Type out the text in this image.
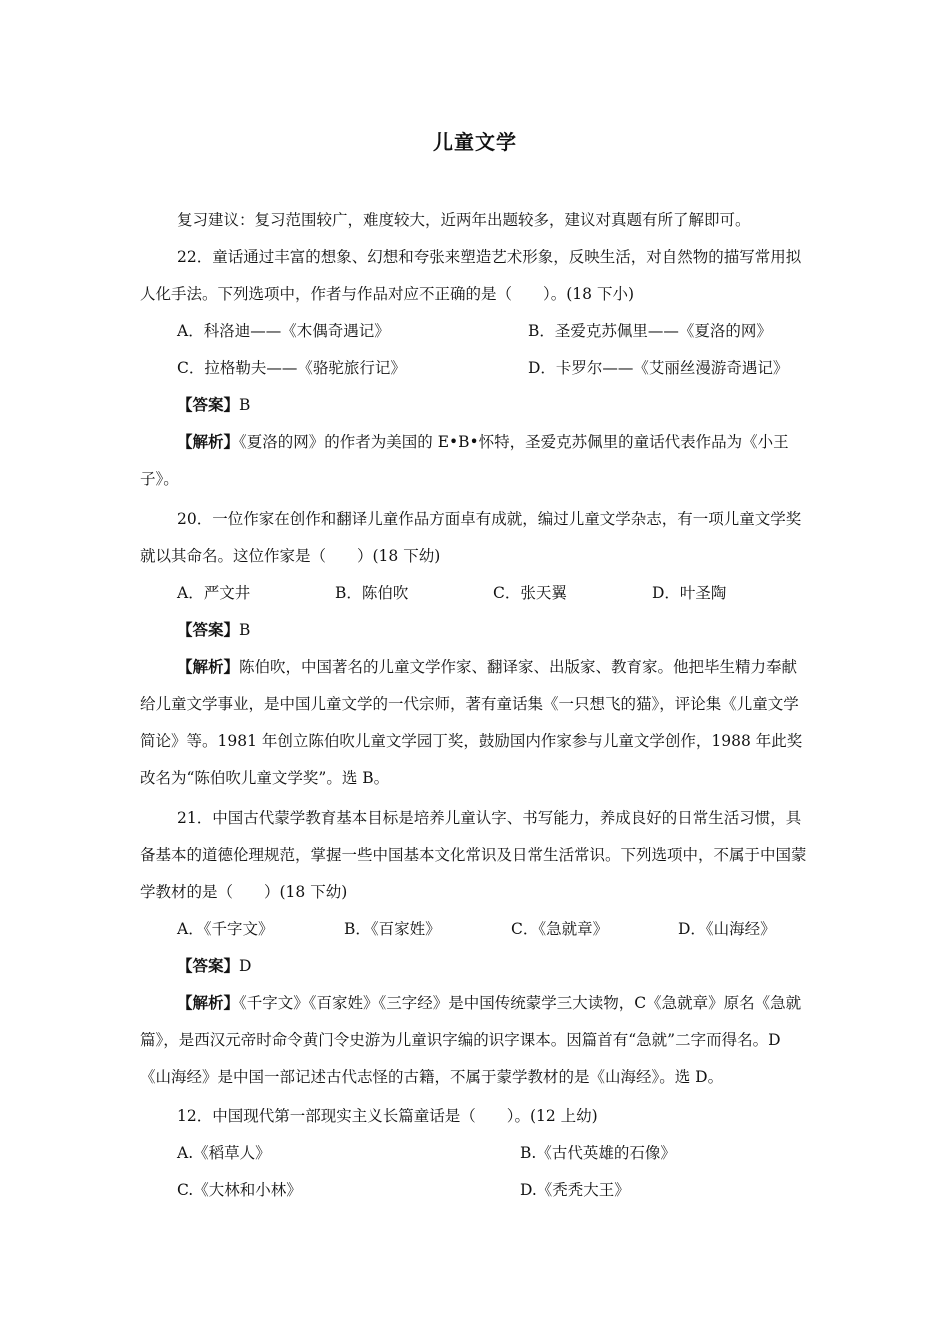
儿童文学

复习建议：复习范围较广，难度较大，近两年出题较多，建议对真题有所了解即可。

22．童话通过丰富的想象、幻想和夸张来塑造艺术形象，反映生活，对自然物的描写常用拟人化手法。下列选项中，作者与作品对应不正确的是（　　）。(18 下小)

A．科洛迪——《木偶奇遇记》	B．圣爱克苏佩里——《夏洛的网》
C．拉格勒夫——《骆驼旅行记》	D．卡罗尔——《艾丽丝漫游奇遇记》

【答案】B

【解析】《夏洛的网》的作者为美国的 E•B•怀特，圣爱克苏佩里的童话代表作品为《小王子》。

20．一位作家在创作和翻译儿童作品方面卓有成就，编过儿童文学杂志，有一项儿童文学奖就以其命名。这位作家是（　　）(18 下幼)

A．严文井	B．陈伯吹	C．张天翼	D．叶圣陶

【答案】B

【解析】陈伯吹，中国著名的儿童文学作家、翻译家、出版家、教育家。他把毕生精力奉献给儿童文学事业，是中国儿童文学的一代宗师，著有童话集《一只想飞的猫》，评论集《儿童文学简论》等。1981 年创立陈伯吹儿童文学园丁奖，鼓励国内作家参与儿童文学创作，1988 年此奖改名为“陈伯吹儿童文学奖”。选 B。

21．中国古代蒙学教育基本目标是培养儿童认字、书写能力，养成良好的日常生活习惯，具备基本的道德伦理规范，掌握一些中国基本文化常识及日常生活常识。下列选项中，不属于中国蒙学教材的是（　　）(18 下幼)

A．《千字文》	B．《百家姓》	C．《急就章》	D．《山海经》

【答案】D

【解析】《千字文》《百家姓》《三字经》是中国传统蒙学三大读物，C《急就章》原名《急就篇》，是西汉元帝时命令黄门令史游为儿童识字编的识字课本。因篇首有“急就”二字而得名。D《山海经》是中国一部记述古代志怪的古籍，不属于蒙学教材的是《山海经》。选 D。

12．中国现代第一部现实主义长篇童话是（　　）。(12 上幼)

A.《稻草人》	B.《古代英雄的石像》
C.《大林和小林》	D.《秃秃大王》
